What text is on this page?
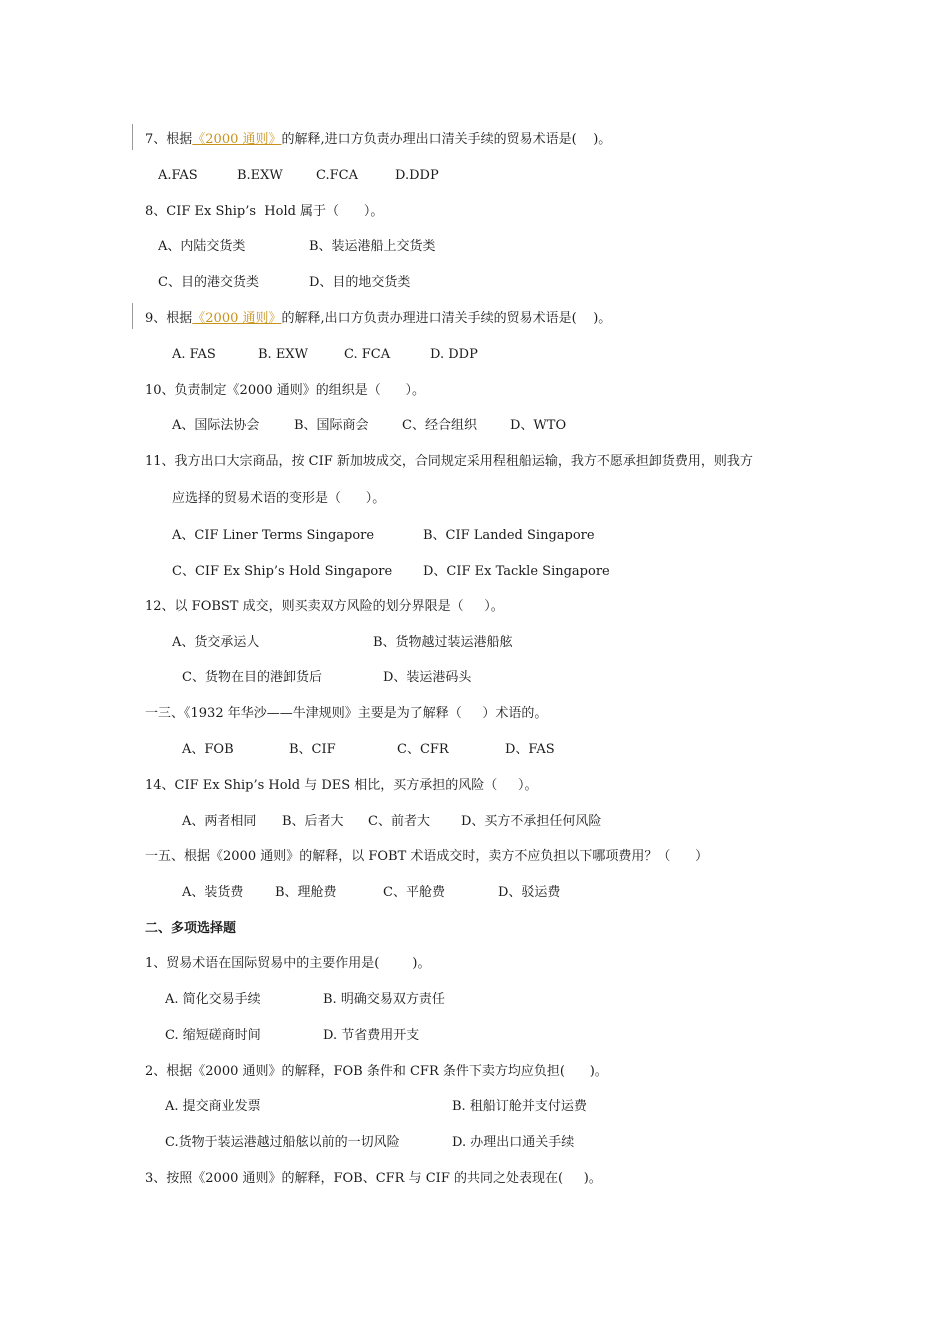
7、根据《2000 通则》的解释,进口方负责办理出口清关手续的贸易术语是(    )。
A.FAS	B.EXW	C.FCA	D.DDP
8、CIF Ex Ship’s  Hold 属于（      ）。
A、内陆交货类	B、装运港船上交货类
C、目的港交货类	D、目的地交货类
9、根据《2000 通则》的解释,出口方负责办理进口清关手续的贸易术语是(    )。
A. FAS	B. EXW	C. FCA	D. DDP
10、负责制定《2000 通则》的组织是（      ）。
A、国际法协会	B、国际商会	C、经合组织	D、WTO
11、我方出口大宗商品，按 CIF 新加坡成交，合同规定采用程租船运输，我方不愿承担卸货费用，则我方
应选择的贸易术语的变形是（      ）。
A、CIF Liner Terms Singapore	B、CIF Landed Singapore
C、CIF Ex Ship’s Hold Singapore D、CIF Ex Tackle Singapore
12、以 FOBST 成交，则买卖双方风险的划分界限是（     ）。
A、货交承运人	B、货物越过装运港船舷
C、货物在目的港卸货后	D、装运港码头
一三、《1932 年华沙——牛津规则》主要是为了解释（     ）术语的。
A、FOB	B、CIF	C、CFR	D、FAS
14、CIF Ex Ship’s Hold 与 DES 相比，买方承担的风险（     ）。
A、两者相同 B、后者大 C、前者大 D、买方不承担任何风险
一五、根据《2000 通则》的解释，以 FOBT 术语成交时，卖方不应负担以下哪项费用？（      ）
A、装货费 B、理舱费	C、平舱费	D、驳运费
二、多项选择题
1、贸易术语在国际贸易中的主要作用是(        )。
A. 简化交易手续	B. 明确交易双方责任
C. 缩短磋商时间	D. 节省费用开支
2、根据《2000 通则》的解释，FOB 条件和 CFR 条件下卖方均应负担(      )。
A. 提交商业发票	B. 租船订舱并支付运费
C.货物于装运港越过船舷以前的一切风险	D. 办理出口通关手续
3、按照《2000 通则》的解释，FOB、CFR 与 CIF 的共同之处表现在(     )。
